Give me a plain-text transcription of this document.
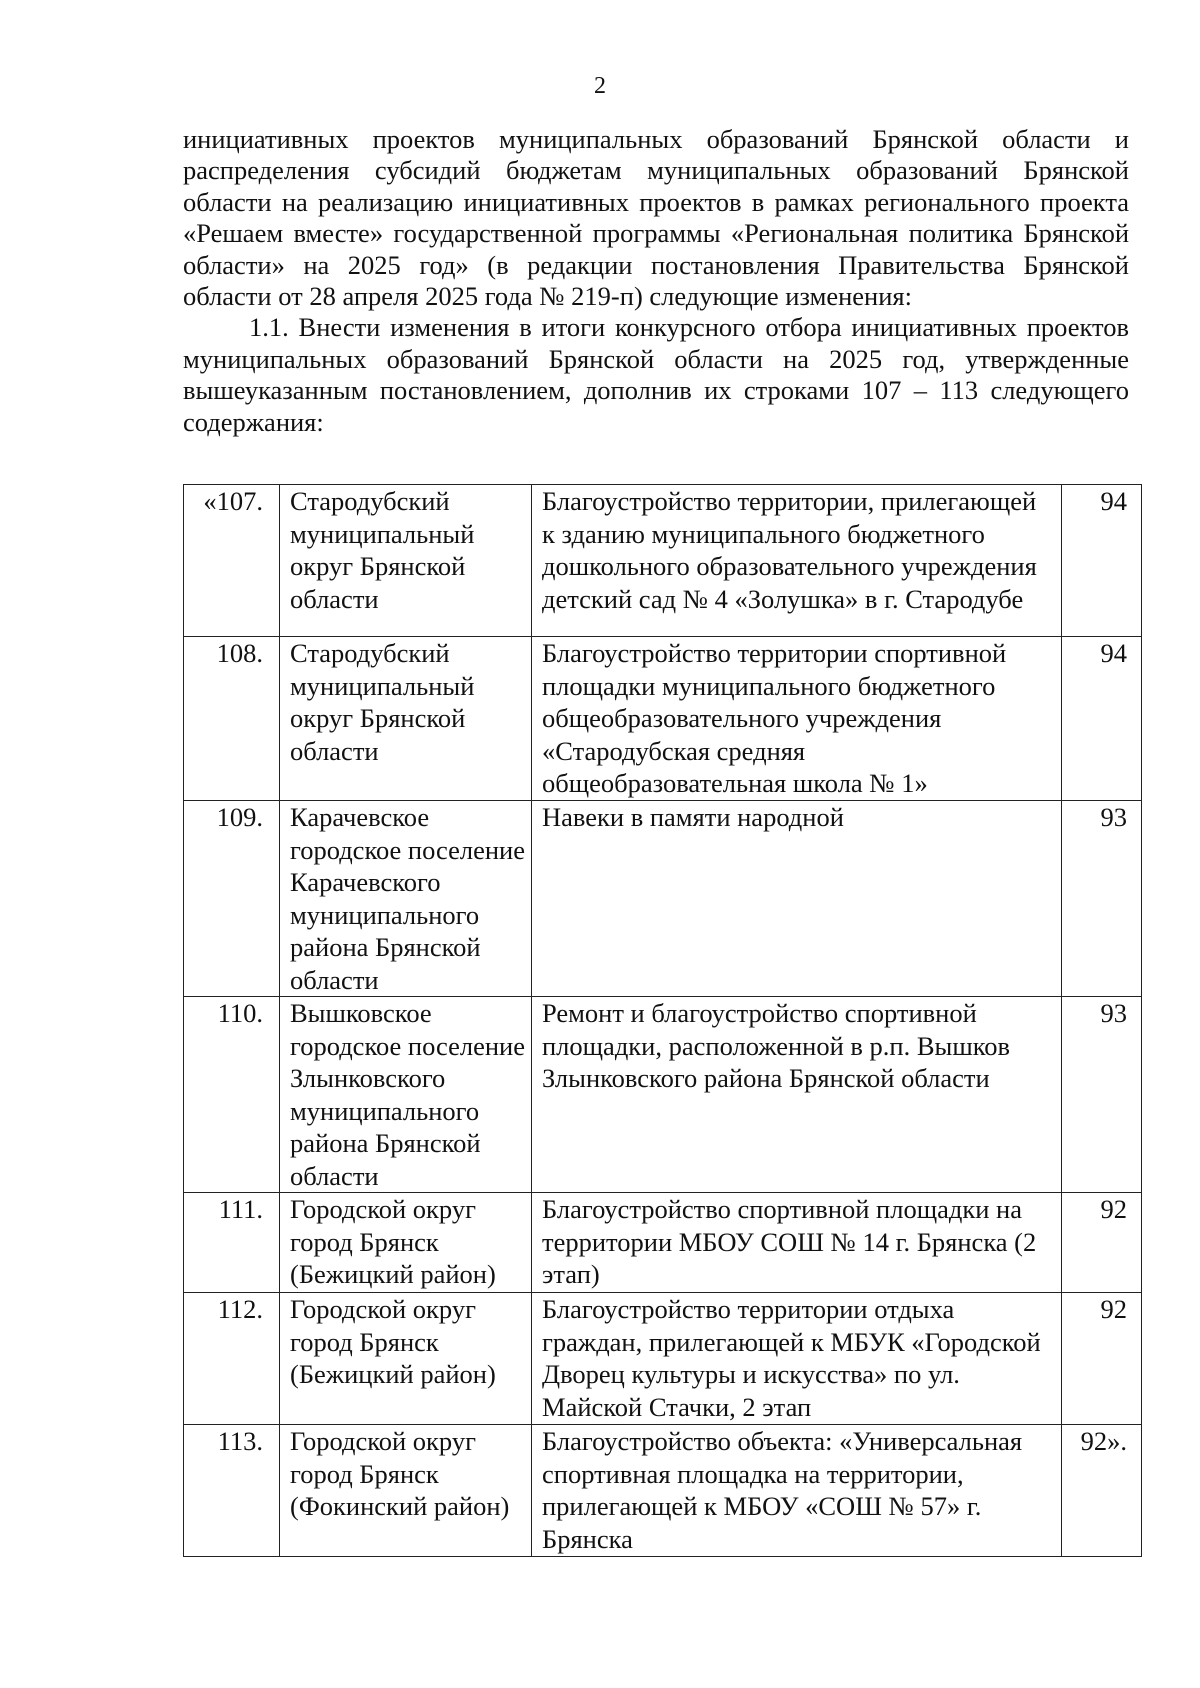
2

инициативных проектов муниципальных образований Брянской области и распределения субсидий бюджетам муниципальных образований Брянской области на реализацию инициативных проектов в рамках регионального проекта «Решаем вместе» государственной программы «Региональная политика Брянской области» на 2025 год» (в редакции постановления Правительства Брянской области от 28 апреля 2025 года № 219-п) следующие изменения:

1.1. Внести изменения в итоги конкурсного отбора инициативных проектов муниципальных образований Брянской области на 2025 год, утвержденные вышеуказанным постановлением, дополнив их строками 107 – 113 следующего содержания:

«107.	Стародубский муниципальный округ Брянской области	Благоустройство территории, прилегающей к зданию муниципального бюджетного дошкольного образовательного учреждения детский сад № 4 «Золушка» в г. Стародубе	94
108.	Стародубский муниципальный округ Брянской области	Благоустройство территории спортивной площадки муниципального бюджетного общеобразовательного учреждения «Стародубская средняя общеобразовательная школа № 1»	94
109.	Карачевское городское поселение Карачевского муниципального района Брянской области	Навеки в памяти народной	93
110.	Вышковское городское поселение Злынковского муниципального района Брянской области	Ремонт и благоустройство спортивной площадки, расположенной в р.п. Вышков Злынковского района Брянской области	93
111.	Городской округ город Брянск (Бежицкий район)	Благоустройство спортивной площадки на территории МБОУ СОШ № 14 г. Брянска (2 этап)	92
112.	Городской округ город Брянск (Бежицкий район)	Благоустройство территории отдыха граждан, прилегающей к МБУК «Городской Дворец культуры и искусства» по ул. Майской Стачки, 2 этап	92
113.	Городской округ город Брянск (Фокинский район)	Благоустройство объекта: «Универсальная спортивная площадка на территории, прилегающей к МБОУ «СОШ № 57» г. Брянска	92».
